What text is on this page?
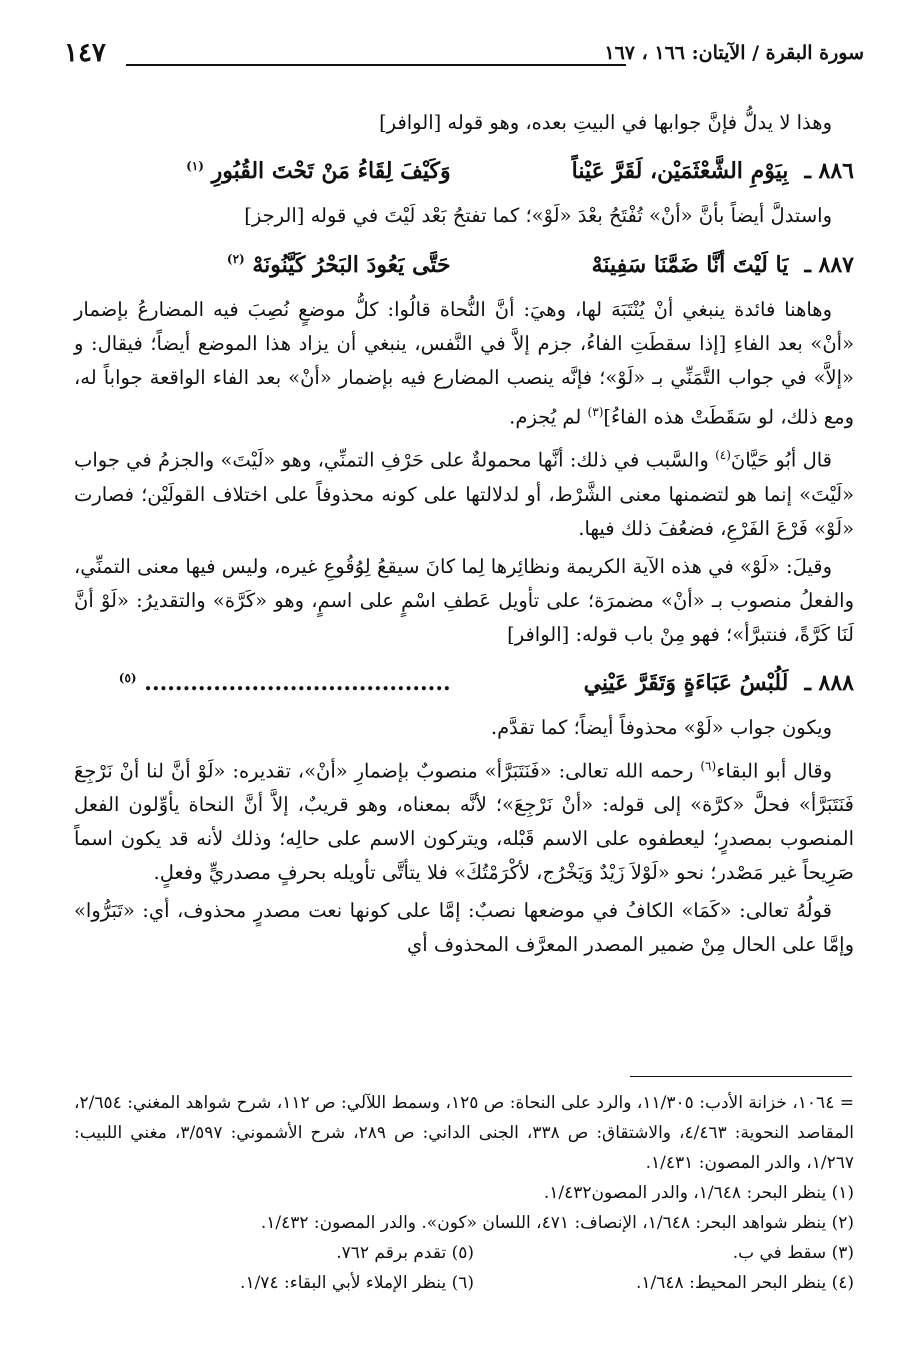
١٤٧	سورة البقرة / الآيتان: ١٦٦ ، ١٦٧

وهذا لا يدلُّ فإنَّ جوابها في البيتِ بعده، وهو قوله [الوافر]

٨٨٦ ـ بِيَوْمِ الشَّعْثَمَيْن، لَقَرَّ عَيْناً وَكَيْفَ لِقَاءُ مَنْ تَحْتَ القُبُورِ $^{(١)}$

واستدلَّ أيضاً بأنَّ «أنْ» تُفْتَحُ بعْدَ «لَوْ»؛ كما تفتحُ بَعْد لَيْتَ في قوله [الرجز]

٨٨٧ ـ يَا لَيْتَ أنَّا ضَمَّنَا سَفِينَهْ حَتَّى يَعُودَ البَحْرُ كَيَّنُونَهْ $^{(٢)}$

وهاهنا فائدة ينبغي أنْ يُنْتَبَهَ لها، وهيَ: أنَّ النُّحاة قالُوا: كلُّ موضعٍ نُصِبَ فيه المضارعُ بإضمار «أنْ» بعد الفاءِ [إذا سقطَتِ الفاءُ، جزم إلاَّ في النَّفس، ينبغي أن يزاد هذا الموضع أيضاً؛ فيقال: و «إلاَّ» في جواب التَّمَنِّي بـ «لَوْ»؛ فإنَّه ينصب المضارع فيه بإضمار «أنْ» بعد الفاء الواقعة جواباً له، ومع ذلك، لو سَقَطَتْ هذه الفاءُ]$^{(٣)}$ لم يُجزم.

قال أبُو حَيَّانَ$^{(٤)}$ والسَّبب في ذلك: أنَّها محمولةٌ على حَرْفِ التمنِّي، وهو «لَيْتَ» والجزمُ في جواب «لَيْتَ» إنما هو لتضمنها معنى الشَّرْط، أو لدلالتها على كونه محذوفاً على اختلاف القولَيْن؛ فصارت «لَوْ» فَرْعَ الفَرْعِ، فضعُفَ ذلك فيها.

وقيلَ: «لَوْ» في هذه الآية الكريمة ونظائِرها لِما كانَ سيقعُ لِوُقُوعِ غيره، وليس فيها معنى التمنِّي، والفعلُ منصوب بـ «أنْ» مضمرَة؛ على تأويل عَطفِ اسْمٍ على اسمٍ، وهو «كَرَّة» والتقديرُ: «لَوْ أنَّ لَنَا كَرَّةً، فنتبرَّأ»؛ فهو مِنْ باب قوله: [الوافر]

٨٨٨ ـ لَلُبْسُ عَبَاءَةٍ وَتَقَرَّ عَيْنِي ........................................ $^{(٥)}$

ويكون جواب «لَوْ» محذوفاً أيضاً؛ كما تقدَّم.

وقال أبو البقاء$^{(٦)}$ رحمه الله تعالى: «فَنَتَبَرَّأ» منصوبٌ بإضمارِ «أنْ»، تقديره: «لَوْ أنَّ لنا أنْ نَرْجِعَ فَنَتَبَرَّأ» فحلَّ «كرَّة» إلى قوله: «أنْ نَرْجِعَ»؛ لأنَّه بمعناه، وهو قريبٌ، إلاَّ أنَّ النحاة يأوِّلون الفعل المنصوب بمصدرٍ؛ ليعطفوه على الاسم قَبْله، ويتركون الاسم على حالِه؛ وذلك لأنه قد يكون اسماً صَرِيحاً غير مَصْدر؛ نحو «لَوْلاَ زَيْدٌ وَيَخْرُج، لأكْرَمْتُكَ» فلا يتأتَّى تأويله بحرفٍ مصدريٍّ وفعلٍ.

قولُهُ تعالى: «كَمَا» الكافُ في موضعها نصبٌ: إمَّا على كونها نعت مصدرٍ محذوف، أي: «تَبَرُّوا» وإمَّا على الحال مِنْ ضمير المصدر المعرَّف المحذوف أي

= ١٠٦٤، خزانة الأدب: ١١/٣٠٥، والرد على النحاة: ص ١٢٥، وسمط اللآلي: ص ١١٢، شرح شواهد المغني: ٢/٦٥٤، المقاصد النحوية: ٤/٤٦٣، والاشتقاق: ص ٣٣٨، الجنى الداني: ص ٢٨٩، شرح الأشموني: ٣/٥٩٧، مغني اللبيب: ١/٢٦٧، والدر المصون: ١/٤٣١.

(١) ينظر البحر: ١/٦٤٨، والدر المصون١/٤٣٢.

(٢) ينظر شواهد البحر: ١/٦٤٨، الإنصاف: ٤٧١، اللسان «كون». والدر المصون: ١/٤٣٢.

(٣) سقط في ب.
(٥) تقدم برقم ٧٦٢.
(٤) ينظر البحر المحيط: ١/٦٤٨.
(٦) ينظر الإملاء لأبي البقاء: ١/٧٤.
